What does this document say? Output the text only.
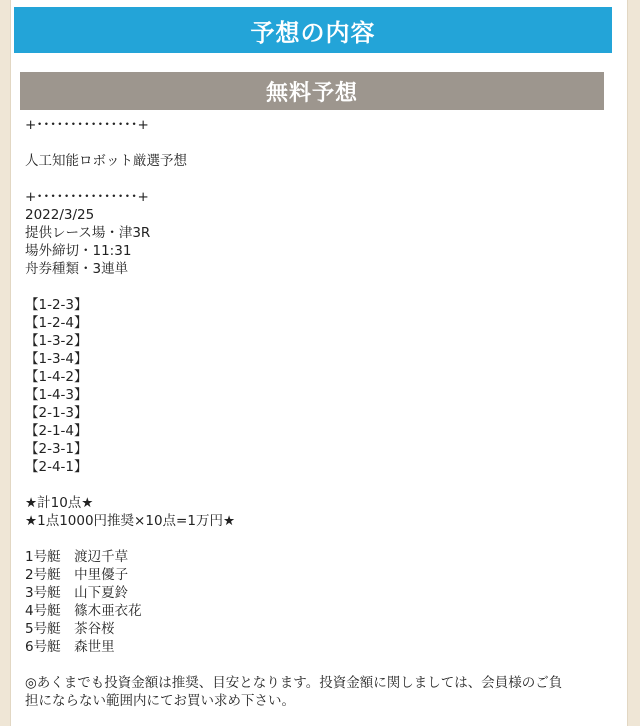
予想の内容
無料予想
+･･･････････････+
人工知能ロボット厳選予想
+･･･････････････+
2022/3/25
提供レース場・津3R
場外締切・11:31
舟券種類・3連単
【1-2-3】
【1-2-4】
【1-3-2】
【1-3-4】
【1-4-2】
【1-4-3】
【2-1-3】
【2-1-4】
【2-3-1】
【2-4-1】
★計10点★
★1点1000円推奨×10点=1万円★
1号艇　渡辺千草
2号艇　中里優子
3号艇　山下夏鈴
4号艇　篠木亜衣花
5号艇　茶谷桜
6号艇　森世里
◎あくまでも投資金額は推奨、目安となります。投資金額に関しましては、会員様のご負
担にならない範囲内にてお買い求め下さい。
